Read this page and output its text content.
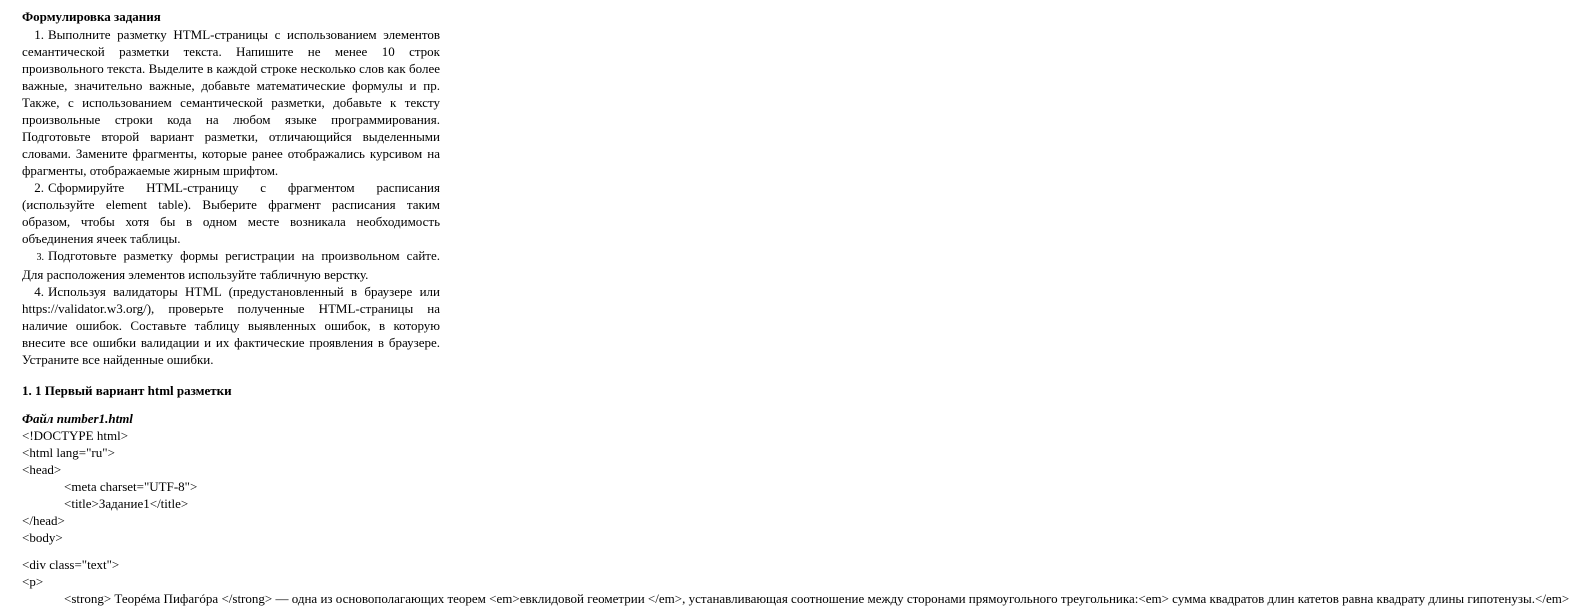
Формулировка задания

1. Выполните разметку HTML-страницы с использованием элементов семантической разметки текста. Напишите не менее 10 строк произвольного текста. Выделите в каждой строке несколько слов как более важные, значительно важные, добавьте математические формулы и пр. Также, с использованием семантической разметки, добавьте к тексту произвольные строки кода на любом языке программирования. Подготовьте второй вариант разметки, отличающийся выделенными словами. Замените фрагменты, которые ранее отображались курсивом на фрагменты, отображаемые жирным шрифтом.

2. Сформируйте HTML-страницу с фрагментом расписания (используйте element table). Выберите фрагмент расписания таким образом, чтобы хотя бы в одном месте возникала необходимость объединения ячеек таблицы.

3. Подготовьте разметку формы регистрации на произвольном сайте. Для расположения элементов используйте табличную верстку.

4. Используя валидаторы HTML (предустановленный в браузере или https://validator.w3.org/), проверьте полученные HTML-страницы на наличие ошибок. Составьте таблицу выявленных ошибок, в которую внесите все ошибки валидации и их фактические проявления в браузере. Устраните все найденные ошибки.

1. 1 Первый вариант html разметки
Файл number1.html
<!DOCTYPE html>
<html lang="ru">
<head>
<meta charset="UTF-8">
<title>Задание1</title>
</head>
<body>
<div class="text">
<p>
<strong> Теорéма Пифагóра </strong> — одна из основополагающих теорем <em>евклидовой геометрии </em>, устанавливающая соотношение между сторонами прямоугольного треугольника:<em> сумма квадратов длин катетов равна квадрату длины гипотенузы.</em>
